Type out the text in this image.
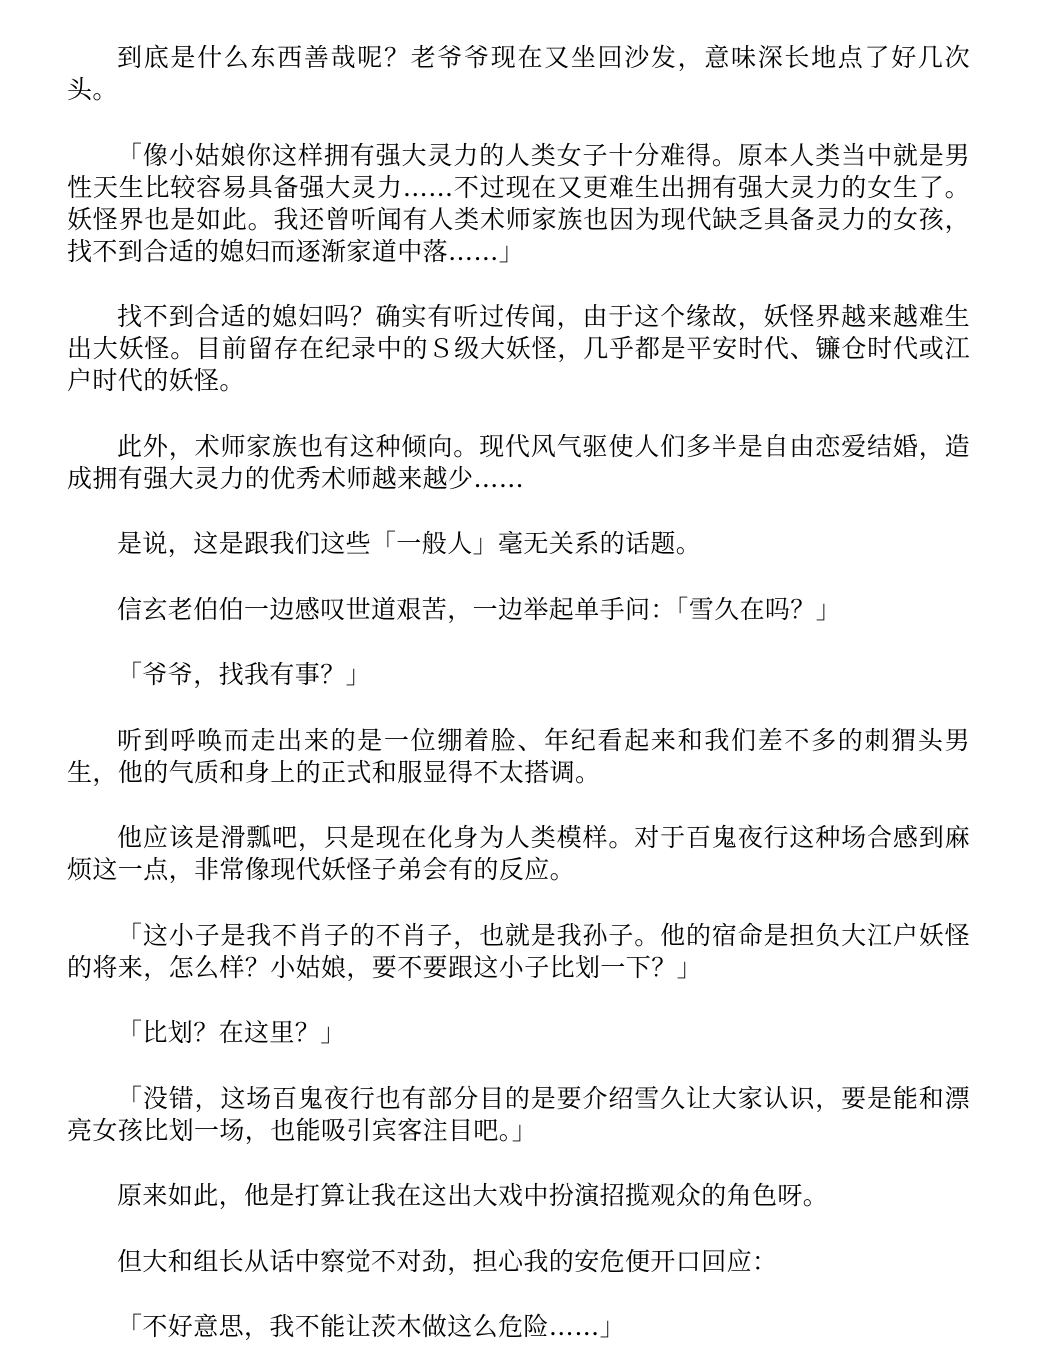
到底是什么东西善哉呢？老爷爷现在又坐回沙发，意味深长地点了好几次头。

「像小姑娘你这样拥有强大灵力的人类女子十分难得。原本人类当中就是男性天生比较容易具备强大灵力……不过现在又更难生出拥有强大灵力的女生了。妖怪界也是如此。我还曾听闻有人类术师家族也因为现代缺乏具备灵力的女孩，找不到合适的媳妇而逐渐家道中落……」

找不到合适的媳妇吗？确实有听过传闻，由于这个缘故，妖怪界越来越难生出大妖怪。目前留存在纪录中的Ｓ级大妖怪，几乎都是平安时代、镰仓时代或江户时代的妖怪。

此外，术师家族也有这种倾向。现代风气驱使人们多半是自由恋爱结婚，造成拥有强大灵力的优秀术师越来越少……

是说，这是跟我们这些「一般人」毫无关系的话题。

信玄老伯伯一边感叹世道艰苦，一边举起单手问：「雪久在吗？」

「爷爷，找我有事？」

听到呼唤而走出来的是一位绷着脸、年纪看起来和我们差不多的刺猬头男生，他的气质和身上的正式和服显得不太搭调。

他应该是滑瓢吧，只是现在化身为人类模样。对于百鬼夜行这种场合感到麻烦这一点，非常像现代妖怪子弟会有的反应。

「这小子是我不肖子的不肖子，也就是我孙子。他的宿命是担负大江户妖怪的将来，怎么样？小姑娘，要不要跟这小子比划一下？」

「比划？在这里？」

「没错，这场百鬼夜行也有部分目的是要介绍雪久让大家认识，要是能和漂亮女孩比划一场，也能吸引宾客注目吧。」

原来如此，他是打算让我在这出大戏中扮演招揽观众的角色呀。

但大和组长从话中察觉不对劲，担心我的安危便开口回应：

「不好意思，我不能让茨木做这么危险……」
